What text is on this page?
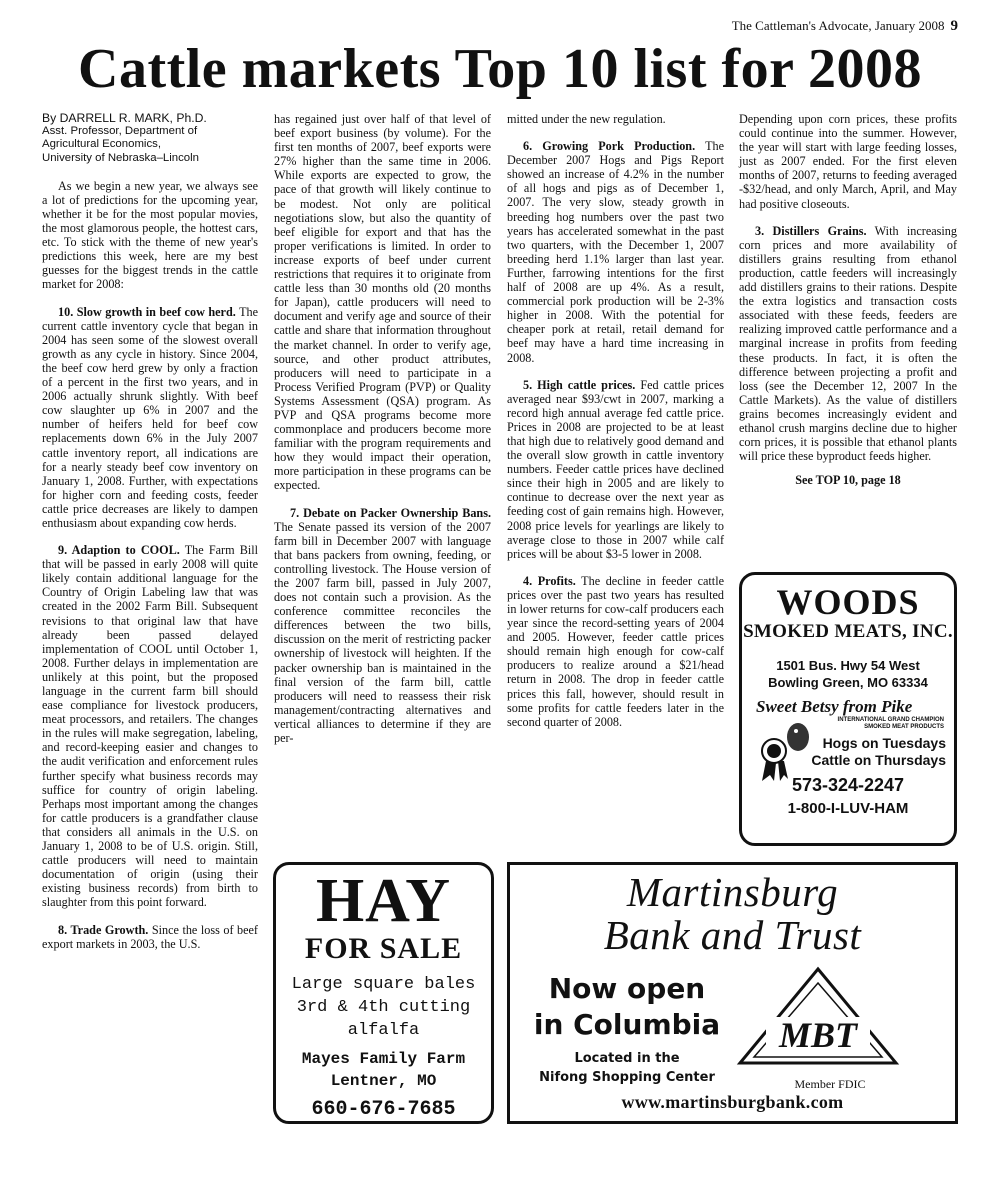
The Cattleman's Advocate, January 2008 9
Cattle markets Top 10 list for 2008
By DARRELL R. MARK, Ph.D.
Asst. Professor, Department of
Agricultural Economics,
University of Nebraska–Lincoln

As we begin a new year, we always see a lot of predictions for the upcoming year, whether it be for the most popular movies, the most glamorous people, the hottest cars, etc. To stick with the theme of new year's predictions this week, here are my best guesses for the biggest trends in the cattle market for 2008:

10. Slow growth in beef cow herd. The current cattle inventory cycle that began in 2004 has seen some of the slowest overall growth as any cycle in history. Since 2004, the beef cow herd grew by only a fraction of a percent in the first two years, and in 2006 actually shrunk slightly. With beef cow slaughter up 6% in 2007 and the number of heifers held for beef cow replacements down 6% in the July 2007 cattle inventory report, all indications are for a nearly steady beef cow inventory on January 1, 2008. Further, with expectations for higher corn and feeding costs, feeder cattle price decreases are likely to dampen enthusiasm about expanding cow herds.

9. Adaption to COOL. The Farm Bill that will be passed in early 2008 will quite likely contain additional language for the Country of Origin Labeling law that was created in the 2002 Farm Bill. Subsequent revisions to that original law that have already been passed delayed implementation of COOL until October 1, 2008. Further delays in implementation are unlikely at this point, but the proposed language in the current farm bill should ease compliance for livestock producers, meat processors, and retailers. The changes in the rules will make segregation, labeling, and record-keeping easier and changes to the audit verification and enforcement rules further specify what business records may suffice for country of origin labeling. Perhaps most important among the changes for cattle producers is a grandfather clause that considers all animals in the U.S. on January 1, 2008 to be of U.S. origin. Still, cattle producers will need to maintain documentation of origin (using their existing business records) from birth to slaughter from this point forward.

8. Trade Growth. Since the loss of beef export markets in 2003, the U.S.

has regained just over half of that level of beef export business (by volume). For the first ten months of 2007, beef exports were 27% higher than the same time in 2006. While exports are expected to grow, the pace of that growth will likely continue to be modest. Not only are political negotiations slow, but also the quantity of beef eligible for export and that has the proper verifications is limited. In order to increase exports of beef under current restrictions that requires it to originate from cattle less than 30 months old (20 months for Japan), cattle producers will need to document and verify age and source of their cattle and share that information throughout the market channel. In order to verify age, source, and other product attributes, producers will need to participate in a Process Verified Program (PVP) or Quality Systems Assessment (QSA) program. As PVP and QSA programs become more commonplace and producers become more familiar with the program requirements and how they would impact their operation, more participation in these programs can be expected.

7. Debate on Packer Ownership Bans. The Senate passed its version of the 2007 farm bill in December 2007 with language that bans packers from owning, feeding, or controlling livestock. The House version of the 2007 farm bill, passed in July 2007, does not contain such a provision. As the conference committee reconciles the differences between the two bills, discussion on the merit of restricting packer ownership of livestock will heighten. If the packer ownership ban is maintained in the final version of the farm bill, cattle producers will need to reassess their risk management/contracting alternatives and vertical alliances to determine if they are per-

mitted under the new regulation.

6. Growing Pork Production. The December 2007 Hogs and Pigs Report showed an increase of 4.2% in the number of all hogs and pigs as of December 1, 2007. The very slow, steady growth in breeding hog numbers over the past two years has accelerated somewhat in the past two quarters, with the December 1, 2007 breeding herd 1.1% larger than last year. Further, farrowing intentions for the first half of 2008 are up 4%. As a result, commercial pork production will be 2-3% higher in 2008. With the potential for cheaper pork at retail, retail demand for beef may have a hard time increasing in 2008.

5. High cattle prices. Fed cattle prices averaged near $93/cwt in 2007, marking a record high annual average fed cattle price. Prices in 2008 are projected to be at least that high due to relatively good demand and the overall slow growth in cattle inventory numbers. Feeder cattle prices have declined since their high in 2005 and are likely to continue to decrease over the next year as feeding cost of gain remains high. However, 2008 price levels for yearlings are likely to average close to those in 2007 while calf prices will be about $3-5 lower in 2008.

4. Profits. The decline in feeder cattle prices over the past two years has resulted in lower returns for cow-calf producers each year since the record-setting years of 2004 and 2005. However, feeder cattle prices should remain high enough for cow-calf producers to realize around a $21/head return in 2008. The drop in feeder cattle prices this fall, however, should result in some profits for cattle feeders later in the second quarter of 2008.

Depending upon corn prices, these profits could continue into the summer. However, the year will start with large feeding losses, just as 2007 ended. For the first eleven months of 2007, returns to feeding averaged -$32/head, and only March, April, and May had positive closeouts.

3. Distillers Grains. With increasing corn prices and more availability of distillers grains resulting from ethanol production, cattle feeders will increasingly add distillers grains to their rations. Despite the extra logistics and transaction costs associated with these feeds, feeders are realizing improved cattle performance and a marginal increase in profits from feeding these products. In fact, it is often the difference between projecting a profit and loss (see the December 12, 2007 In the Cattle Markets). As the value of distillers grains becomes increasingly evident and ethanol crush margins decline due to higher corn prices, it is possible that ethanol plants will price these byproduct feeds higher.

See TOP 10, page 18

WOODS
SMOKED MEATS, INC.
1501 Bus. Hwy 54 West
Bowling Green, MO 63334
Sweet Betsy from Pike
INTERNATIONAL GRAND CHAMPION
SMOKED MEAT PRODUCTS
Hogs on Tuesdays
Cattle on Thursdays
573-324-2247
1-800-I-LUV-HAM
HAY
FOR SALE
Large square bales
3rd & 4th cutting
alfalfa
Mayes Family Farm
Lentner, MO
660-676-7685
Martinsburg
Bank and Trust
Now open
in Columbia
Located in the
Nifong Shopping Center
MBT
Member FDIC
www.martinsburgbank.com
